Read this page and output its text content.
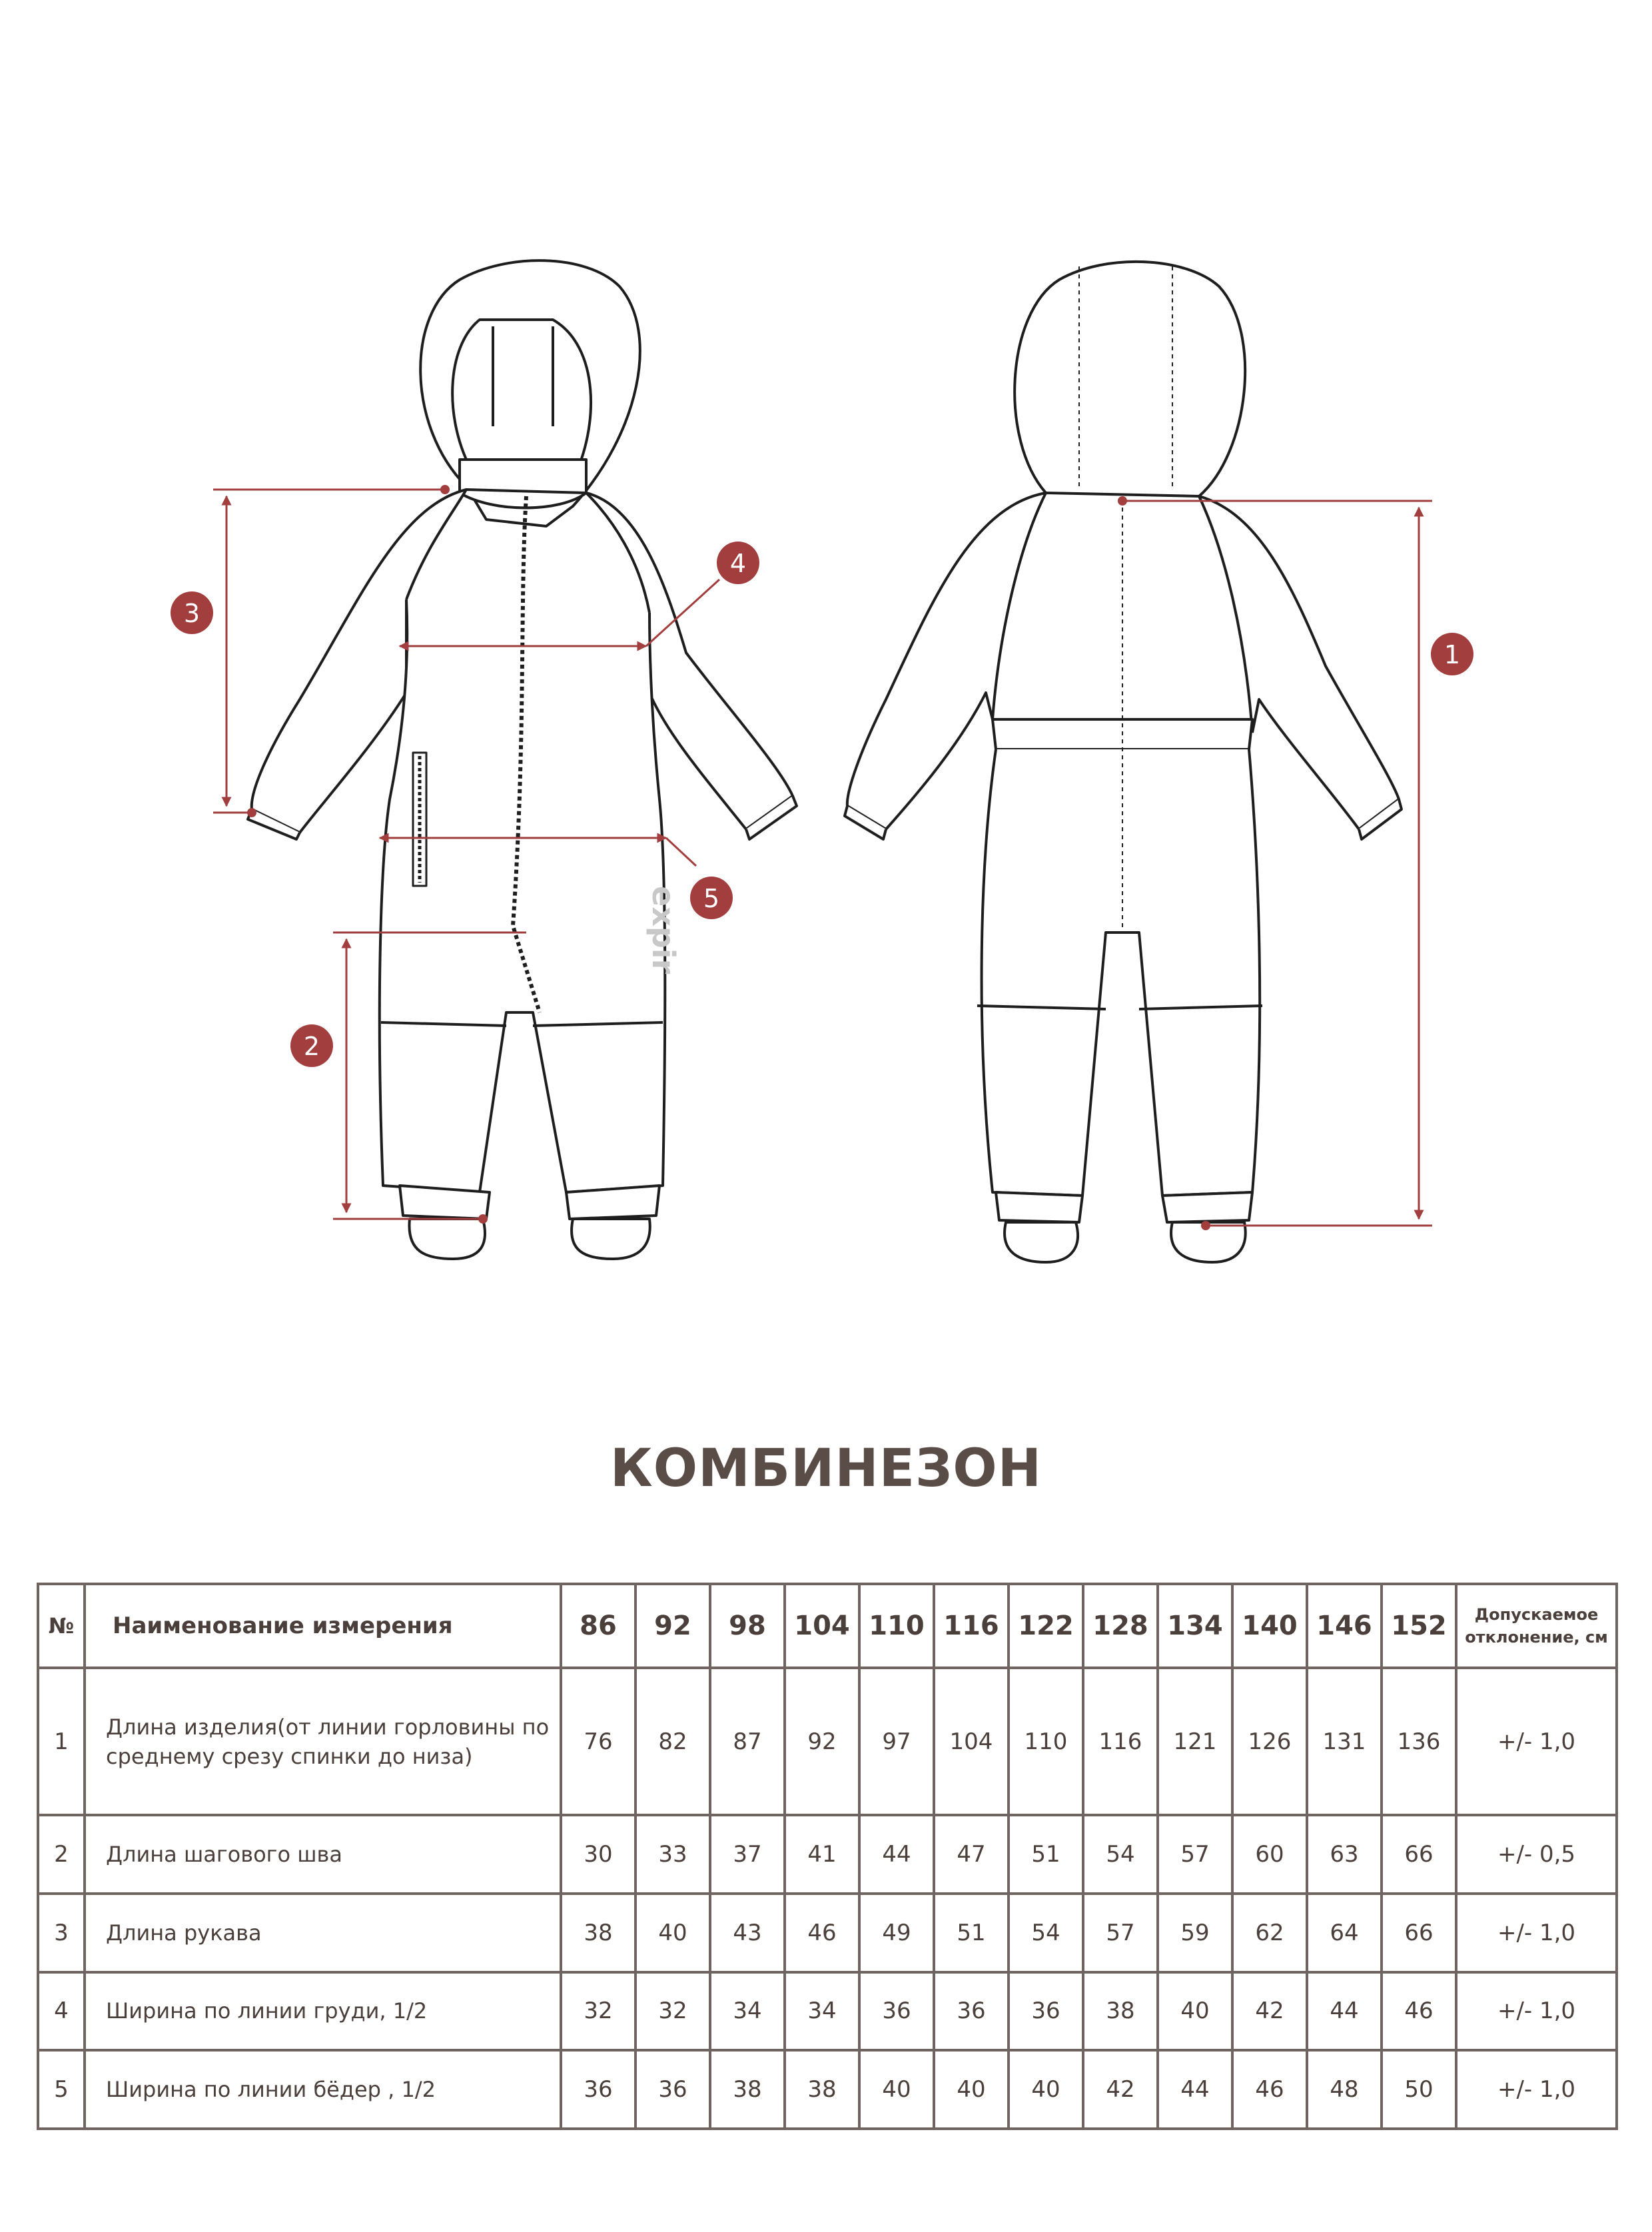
expir
3
4
5
2
1
КОМБИНЕЗОН
№	Наименование измерения	86	92	98	104	110	116	122	128	134	140	146	152	Допускаемое отклонение, см
1	Длина изделия(от линии горловины по среднему срезу спинки до низа)	76	82	87	92	97	104	110	116	121	126	131	136	+/- 1,0
2	Длина шагового шва	30	33	37	41	44	47	51	54	57	60	63	66	+/- 0,5
3	Длина рукава	38	40	43	46	49	51	54	57	59	62	64	66	+/- 1,0
4	Ширина по линии груди, 1/2	32	32	34	34	36	36	36	38	40	42	44	46	+/- 1,0
5	Ширина по линии бёдер , 1/2	36	36	38	38	40	40	40	42	44	46	48	50	+/- 1,0
